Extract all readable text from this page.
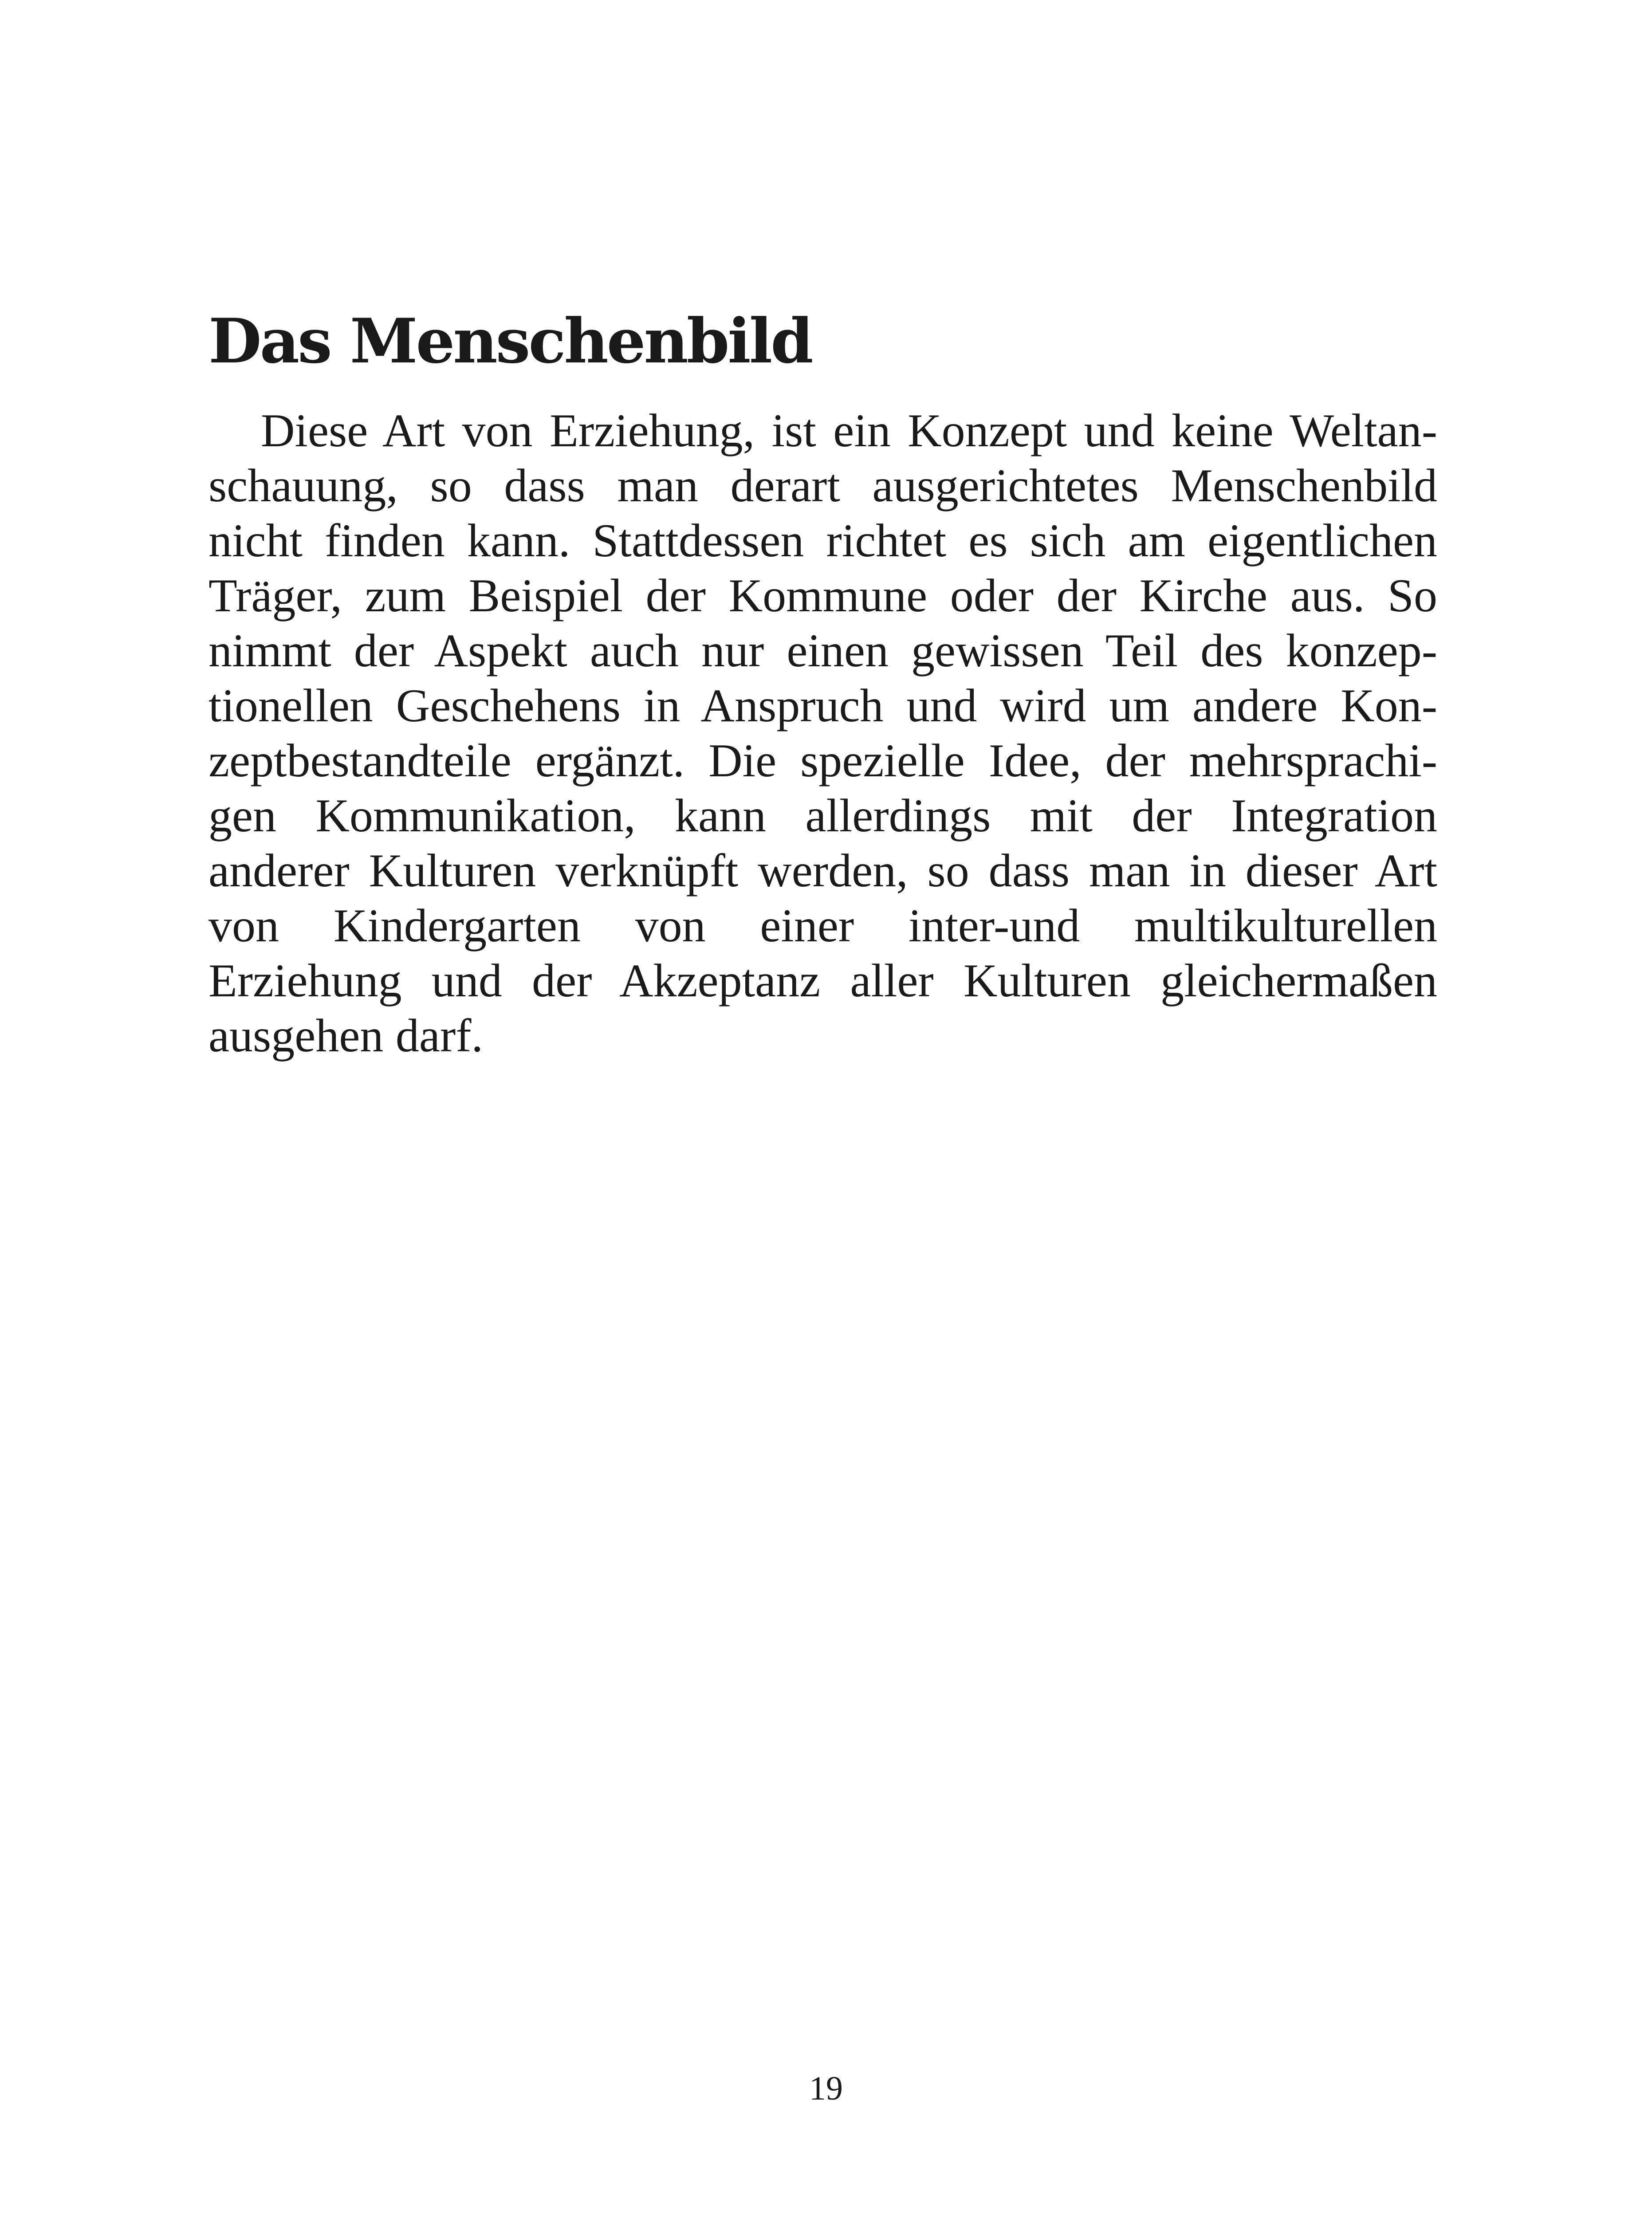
Das Menschenbild

Diese Art von Erziehung, ist ein Konzept und keine Weltan-
schauung, so dass man derart ausgerichtetes Menschenbild
nicht finden kann. Stattdessen richtet es sich am eigentlichen
Träger, zum Beispiel der Kommune oder der Kirche aus. So
nimmt der Aspekt auch nur einen gewissen Teil des konzep-
tionellen Geschehens in Anspruch und wird um andere Kon-
zeptbestandteile ergänzt. Die spezielle Idee, der mehrsprachi-
gen Kommunikation, kann allerdings mit der Integration
anderer Kulturen verknüpft werden, so dass man in dieser Art
von Kindergarten von einer inter-und multikulturellen
Erziehung und der Akzeptanz aller Kulturen gleichermaßen
ausgehen darf.

19
